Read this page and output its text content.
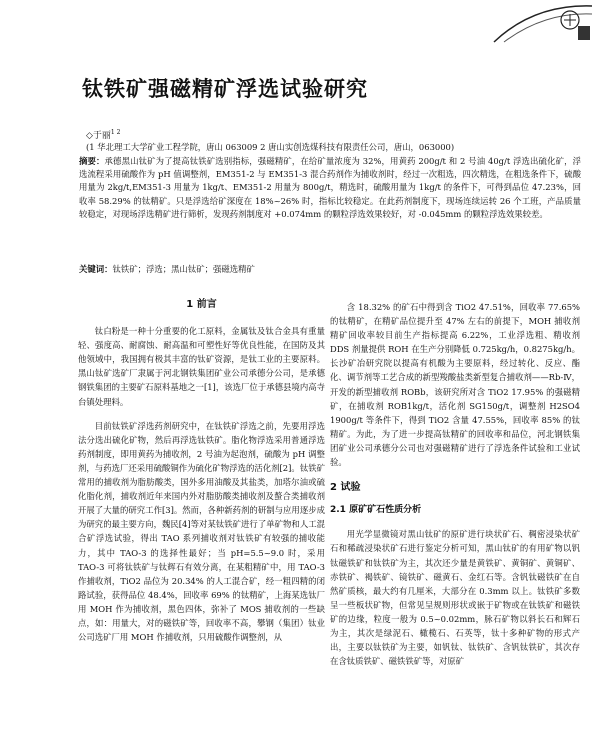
钛铁矿强磁精矿浮选试验研究
◇于丽$^{1 2}$
(1 华北理工大学矿业工程学院，唐山 063009 2 唐山实创选煤科技有限责任公司，唐山，063000)
摘要：承德黑山钛矿为了提高钛铁矿选别指标，强磁精矿，在给矿量浓度为 32%，用黄药 200g/t 和 2 号油 40g/t 浮选出硫化矿，浮选流程采用硫酸作为 pH 值调整剂，EM351-2 与 EM351-3 混合药剂作为捕收剂时，经过一次粗选，四次精选，在粗选条件下，硫酸用量为 2kg/t,EM351-3 用量为 1kg/t、EM351-2 用量为 800g/t，精选时，硫酸用量为 1kg/t 的条件下，可得到品位 47.23%，回收率 58.29% 的钛精矿。只是浮选给矿深度在 18%~26% 时，指标比较稳定。在此药剂制度下，现场连续运转 26 个工班，产品质量较稳定，对现场浮选精矿进行筛析，发现药剂制度对 +0.074mm 的颗粒浮选效果较好，对 -0.045mm 的颗粒浮选效果较差。
关键词：钛铁矿；浮选；黑山钛矿；强磁选精矿
1 前言

钛白粉是一种十分重要的化工原料，金属钛及钛合金具有重量轻、强度高、耐腐蚀、耐高温和可塑性好等优良性能，在国防及其他领域中，我国拥有极其丰富的钛矿资源，是钛工业的主要原料。黑山钛矿选矿厂隶属于河北钢铁集团矿业公司承德分公司，是承德钢铁集团的主要矿石原料基地之一[1]，该选厂位于承德县境内高寺台镇处理料。

目前钛铁矿浮选药剂研究中，在钛铁矿浮选之前，先要用浮选法分选出硫化矿物，然后再浮选钛铁矿。脂化物浮选采用普通浮选药剂制度，即用黄药为捕收剂，2 号油为起泡剂，硫酸为 pH 调整剂，与药选厂还采用硫酸铜作为硫化矿物浮选的活化剂[2]。钛铁矿常用的捕收剂为脂肪酸类，国外多用油酸及其盐类，加塔尔油或硫化脂化剂，捕收剂近年来国内外对脂肪酸类捕收剂及螯合类捕收剂开展了大量的研究工作[3]。然而，各种新药剂的研制与应用逐步成为研究的最主要方向，魏民[4]等对某钛铁矿进行了单矿物和人工混合矿浮选试验，得出 TAO 系列捕收剂对钛铁矿有较强的捕收能力，其中 TAO-3 的选择性最好；当 pH=5.5~9.0 时，采用 TAO-3 可将钛铁矿与钛辉石有效分离，在某粗精矿中，用 TAO-3 作捕收剂，TiO2 品位为 20.34% 的人工混合矿，经一粗四精的闭路试验，获得品位 48.4%，回收率 69% 的钛精矿，上海某选钛厂用 MOH 作为捕收剂，黑色四体，弥补了 MOS 捕收剂的一些缺点，如：用量大，对的磁铁矿等，回收率不高，攀钢（集团）钛业公司选矿厂用 MOH 作捕收剂，只用硫酸作调整剂，从

含 18.32% 的矿石中得到含 TiO2 47.51%，回收率 77.65% 的钛精矿，在精矿品位提升至 47% 左右的前提下，MOH 捕收剂精矿回收率较目前生产指标提高 6.22%，工业浮选粗、精收剂 DDS 剂量提供 ROH 在生产分别降低 0.725kg/h，0.8275kg/h。长沙矿冶研究院以提高有机酸为主要原料，经过转化、反应、酯化、调节剂等工艺合成的新型羧酸盐类新型复合捕收剂——Rb-Ⅳ，开发的新型捕收剂 ROBb，该研究所对含 TiO2 17.95% 的强磁精矿，在捕收剂 ROB1kg/t，活化剂 SG150g/t，调整剂 H2SO4 1900g/t 等条件下，得到 TiO2 含量 47.55%，回收率 85% 的钛精矿。为此，为了进一步提高钛精矿的回收率和品位，河北钢铁集团矿业公司承德分公司也对强磁精矿进行了浮选条件试验和工业试验。

2 试验
2.1 原矿矿石性质分析

用光学显微镜对黑山钛矿的原矿进行块状矿石、稠密浸染状矿石和稀疏浸染状矿石进行鉴定分析可知，黑山钛矿的有用矿物以钒钛磁铁矿和钛铁矿为主，其次还少量是黄铁矿、黄铜矿、黄铜矿、赤铁矿、褐铁矿、镜铁矿、磁黄石、金红石等。含钒钛磁铁矿在自然矿质核，最大约有几厘米，大部分在 0.3mm 以上。钛铁矿多数呈一些板状矿物，但常见呈规则形状或嵌于矿物或在钛铁矿和磁铁矿的边缘，粒度一般为 0.5~0.02mm，脉石矿物以斜长石和辉石为主，其次是绿泥石、橄榄石、石英等，钛十多种矿物的形式产出，主要以钛铁矿为主要，如钒钛、钛铁矿、含钒钛铁矿，其次存在含钛质铁矿、磁铁铁矿等，对原矿
